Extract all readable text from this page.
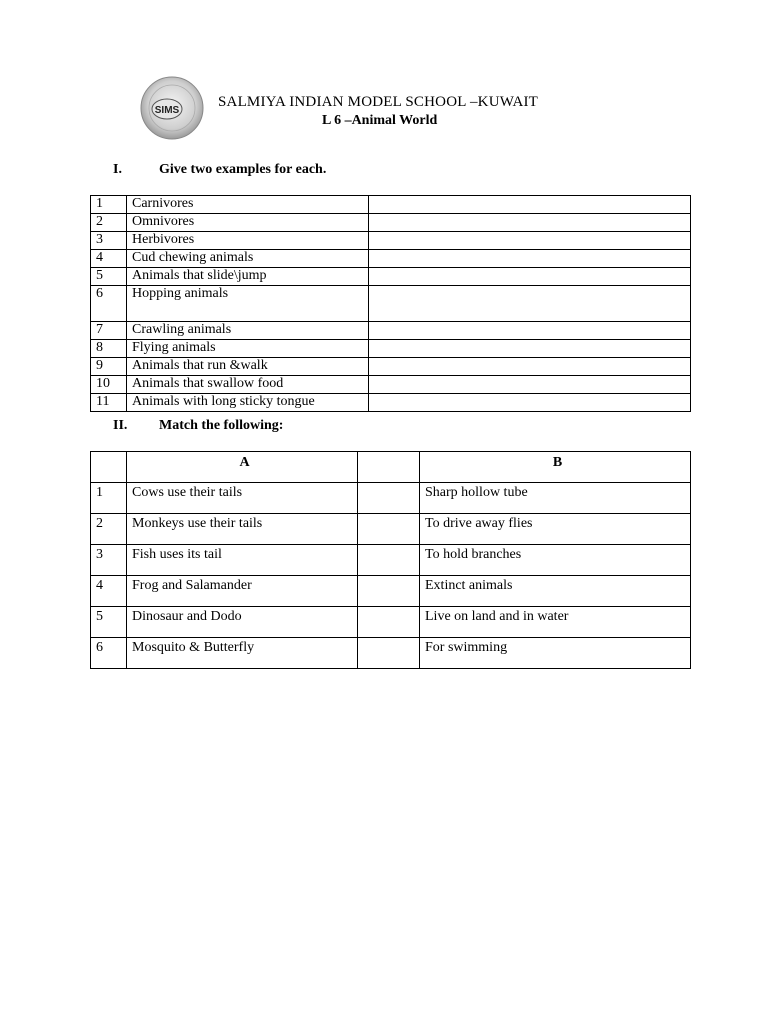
SIMS
SALMIYA INDIAN MODEL SCHOOL –KUWAIT
L 6 –Animal World
I.	Give two examples for each.
1	Carnivores	
2	Omnivores	
3	Herbivores	
4	Cud chewing animals	
5	Animals that slide\jump	
6	Hopping animals	
7	Crawling animals	
8	Flying animals	
9	Animals that run &walk	
10	Animals that swallow food	
11	Animals with long sticky tongue	
II. Match the following:
	A		B
1	Cows use their tails		Sharp hollow tube
2	Monkeys use their tails		To drive away flies
3	Fish uses its tail		To hold branches
4	Frog and Salamander		Extinct animals
5	Dinosaur and Dodo		Live on land and in water
6	Mosquito & Butterfly		For swimming
